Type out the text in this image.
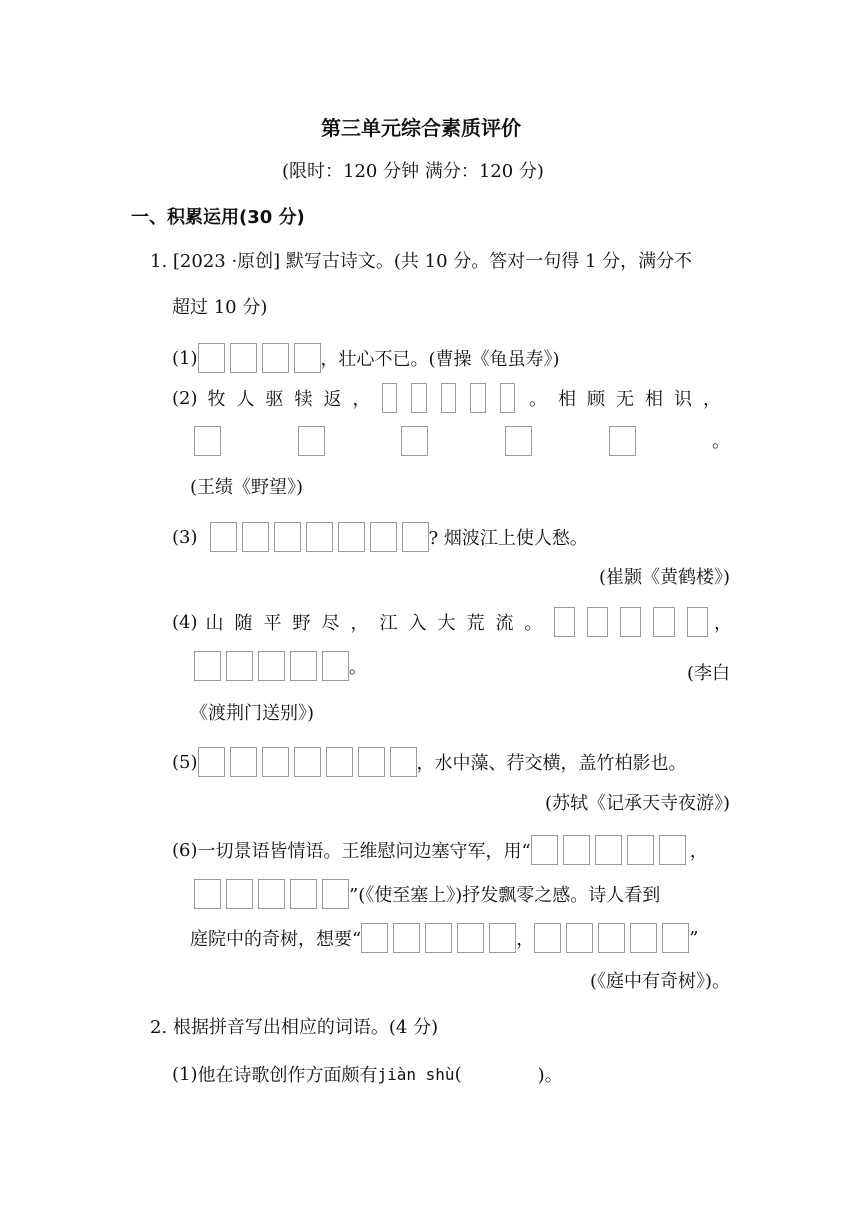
第三单元综合素质评价
(限时：120 分钟 满分：120 分)
一、积累运用(30 分)
1. [2023 ·原创] 默写古诗文。(共 10 分。答对一句得 1 分，满分不
超过 10 分)
(1)	，壮心不已。(曹操《龟虽寿》)
(2) 牧人驱犊返，	。相顾无相识，
。
(王绩《野望》)
(3)	? 烟波江上使人愁。
(崔颢《黄鹤楼》)
(4) 山随平野尽，江入大荒流。	，
。	(李白
《渡荆门送别》)
(5)	，水中藻、荇交横，盖竹柏影也。
(苏轼《记承天寺夜游》)
(6) 一切景语皆情语。王维慰问边塞守军，用“	，
”(《使至塞上》)抒发飘零之感。诗人看到
庭院中的奇树，想要“	，	”
(《庭中有奇树》)。
2. 根据拼音写出相应的词语。(4 分)
(1) 他在诗歌创作方面颇有 jiàn shù (	)。
